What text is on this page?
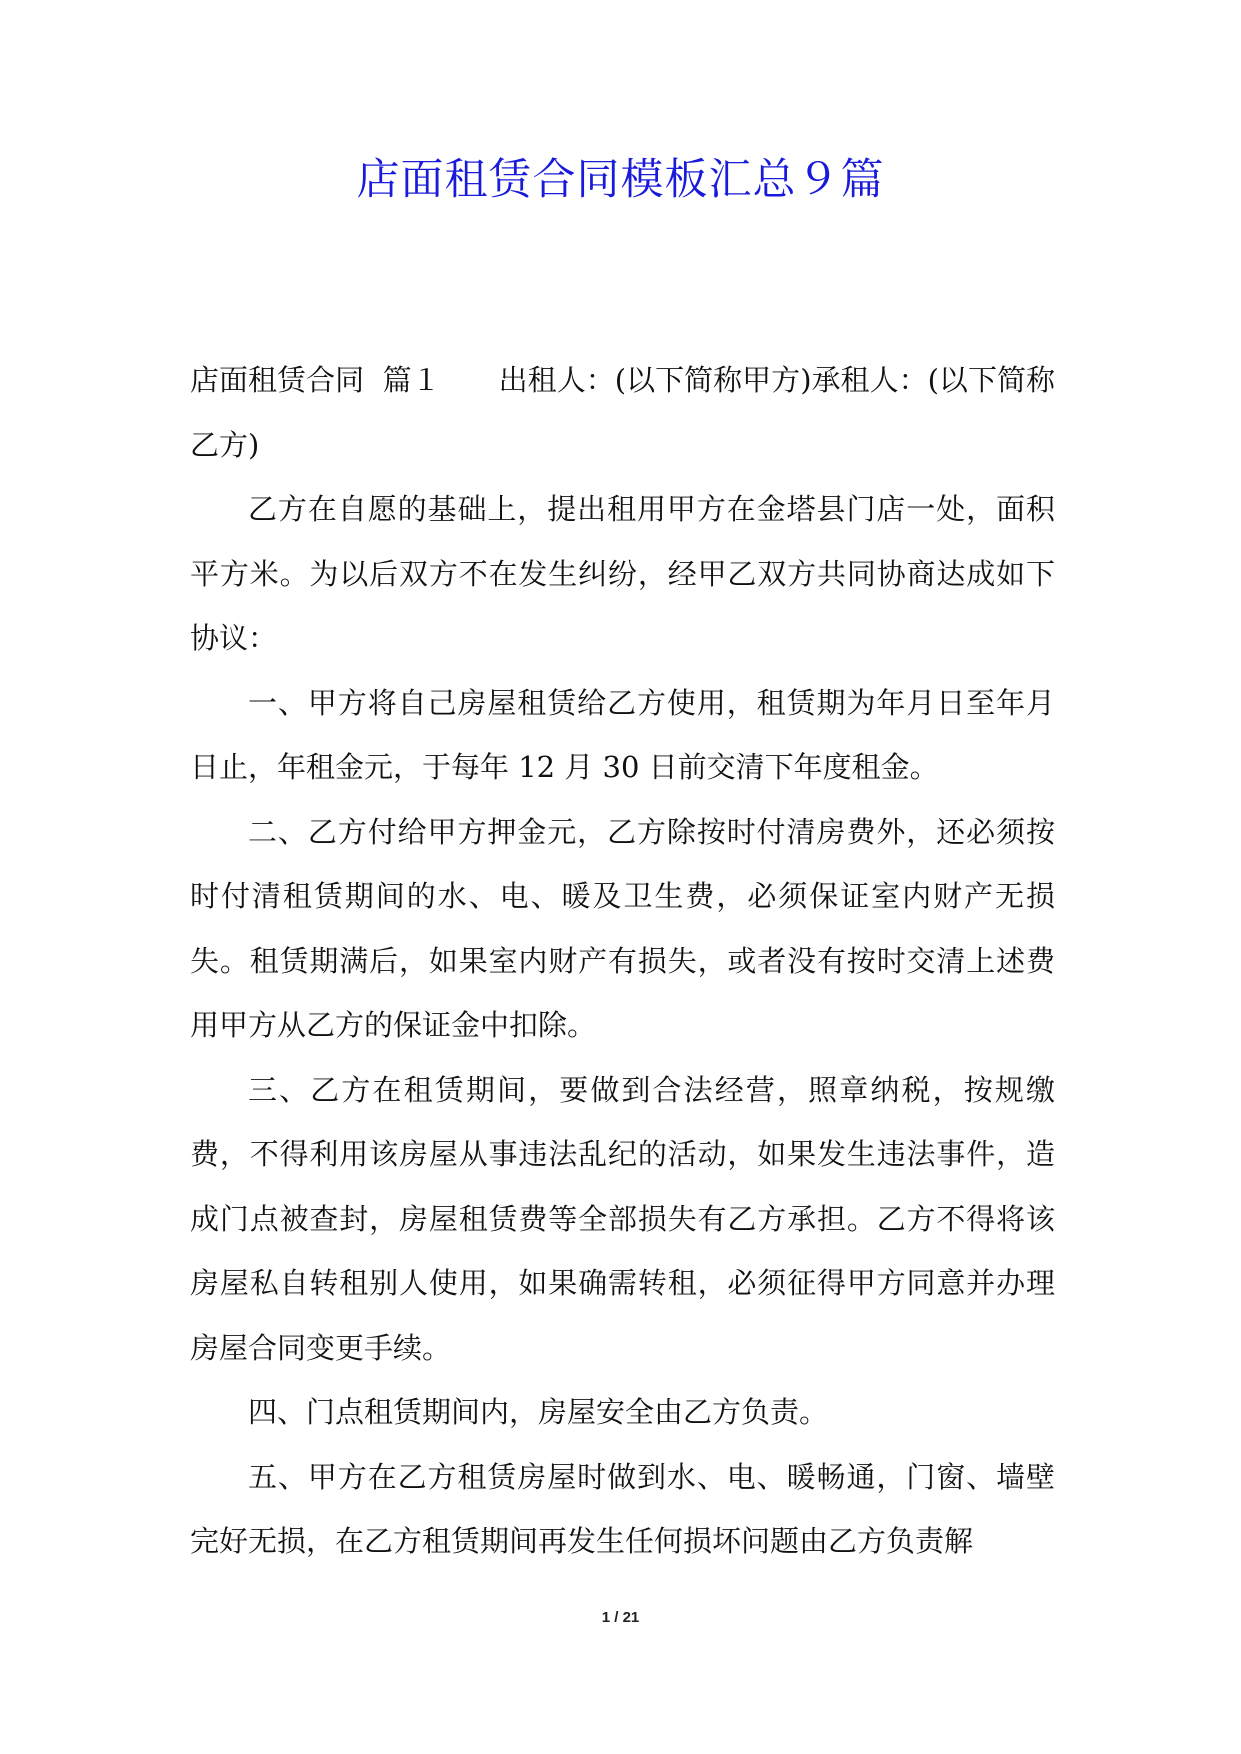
店面租赁合同模板汇总９篇

店面租赁合同  篇１ 出租人：(以下简称甲方)承租人：(以下简称乙方)

乙方在自愿的基础上，提出租用甲方在金塔县门店一处，面积平方米。为以后双方不在发生纠纷，经甲乙双方共同协商达成如下协议：

一、甲方将自己房屋租赁给乙方使用，租赁期为年月日至年月日止，年租金元，于每年 12 月 30 日前交清下年度租金。

二、乙方付给甲方押金元，乙方除按时付清房费外，还必须按时付清租赁期间的水、电、暖及卫生费，必须保证室内财产无损失。租赁期满后，如果室内财产有损失，或者没有按时交清上述费用甲方从乙方的保证金中扣除。

三、乙方在租赁期间，要做到合法经营，照章纳税，按规缴费，不得利用该房屋从事违法乱纪的活动，如果发生违法事件，造成门点被查封，房屋租赁费等全部损失有乙方承担。乙方不得将该房屋私自转租别人使用，如果确需转租，必须征得甲方同意并办理房屋合同变更手续。

四、门点租赁期间内，房屋安全由乙方负责。

五、甲方在乙方租赁房屋时做到水、电、暖畅通，门窗、墙壁完好无损，在乙方租赁期间再发生任何损坏问题由乙方负责解

1 / 21
